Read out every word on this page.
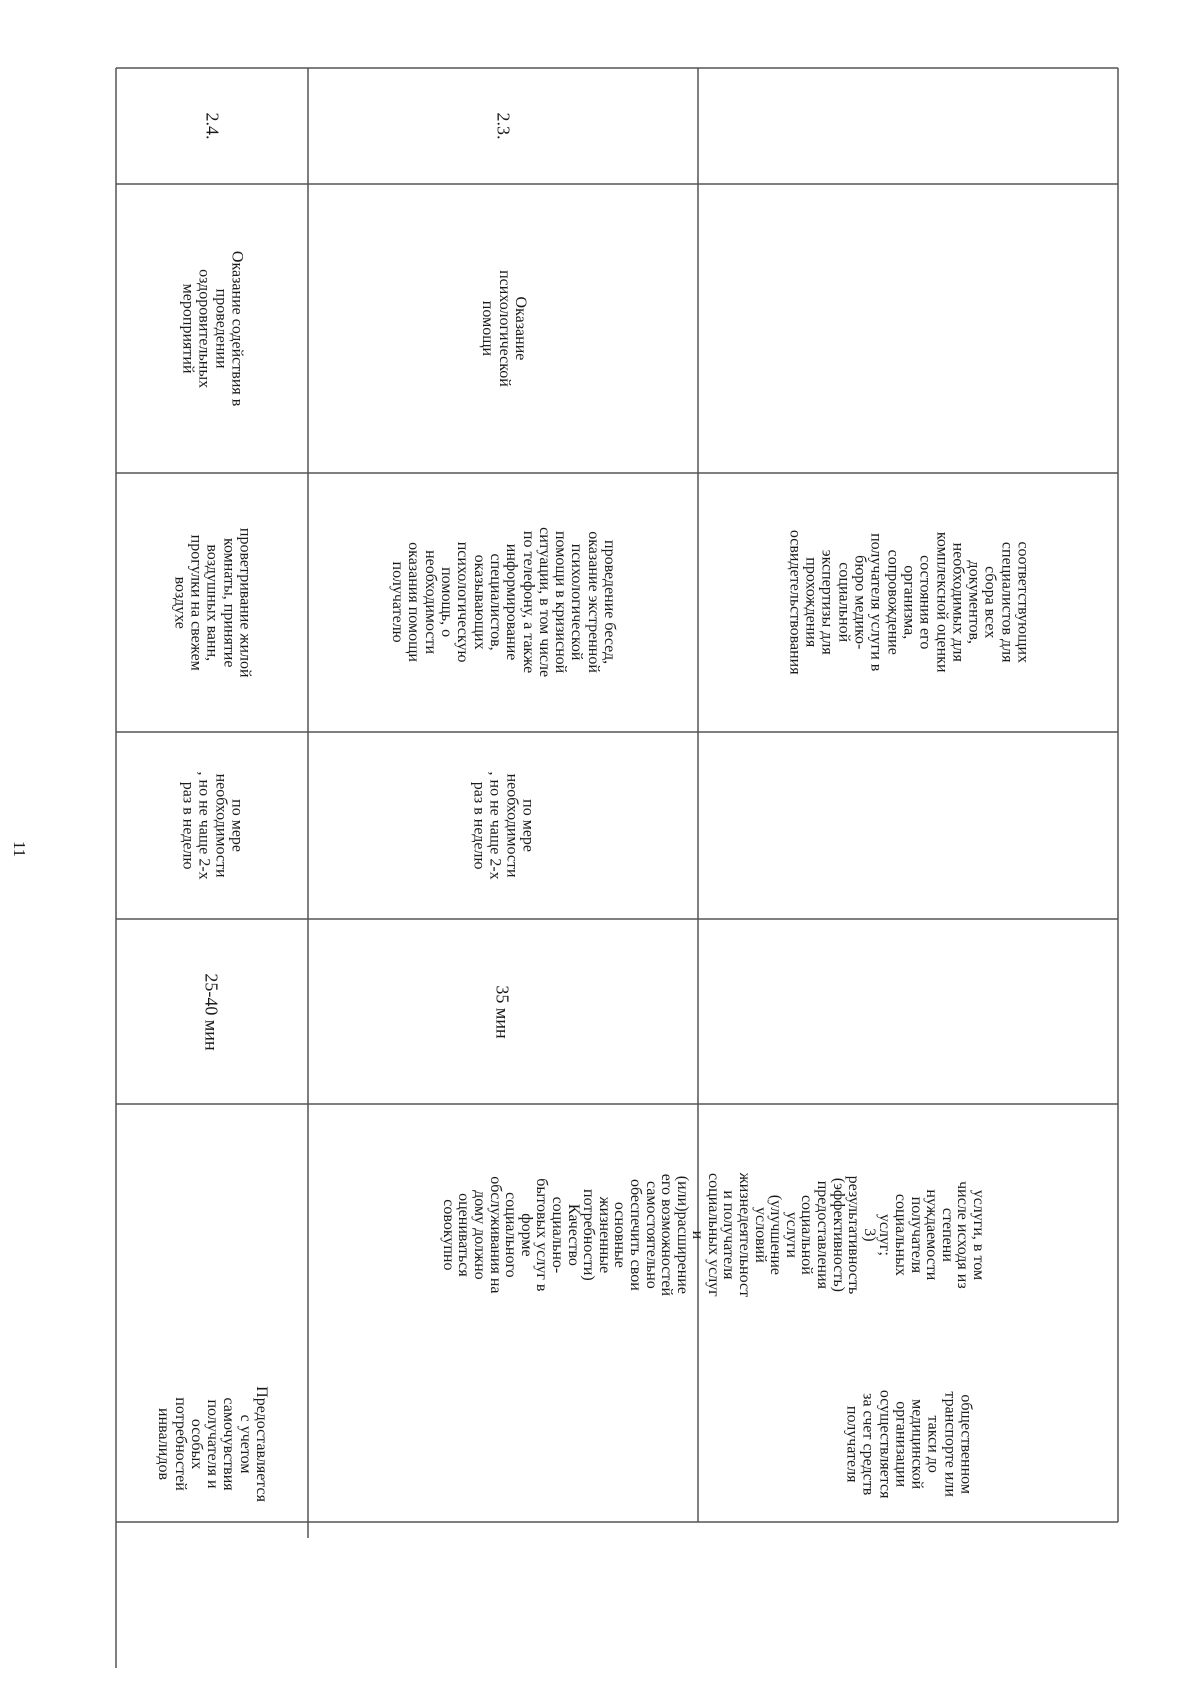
11
2.4.
Оказание содействия в
проведении
оздоровительных
мероприятий
проветривание жилой
комнаты, принятие
воздушных ванн,
прогулки на свежем
воздухе
по мере
необходимости
, но не чаще 2-х
раз в неделю
25-40 мин
Предоставляется
с учетом
самочувствия
получателя и
особых
потребностей
инвалидов
2.3.
Оказание
психологической
помощи
проведение бесед,
оказание экстренной
психологической
помощи в кризисной
ситуации, в том числе
по телефону, а также
информирование
специалистов,
оказывающих
психологическую
помощь, о
необходимости
оказания помощи
получателю
по мере
необходимости
, но не чаще 2-х
раз в неделю
35 мин
соответствующих
специалистов для
сбора всех
документов,
необходимых для
комплексной оценки
состояния его
организма,
сопровождение
получателя услуги в
бюро медико-
социальной
экспертизы для
прохождения
освидетельствования
услуги, в том
числе исходя из
степени
нуждаемости
получателя
социальных
услуг;
3)
результативность
(эффективность)
предоставления
социальной
услуги
(улучшение
условий
жизнедеятельност
и получателя
социальных услуг
и
(или)расширение
его возможностей
самостоятельно
обеспечить свои
основные
жизненные
потребности)
Качество
социально-
бытовых услуг в
форме
социального
обслуживания на
дому должно
оцениваться
совокупно
общественном
транспорте или
такси до
медицинской
организации
осуществляется
за счет средств
получателя
